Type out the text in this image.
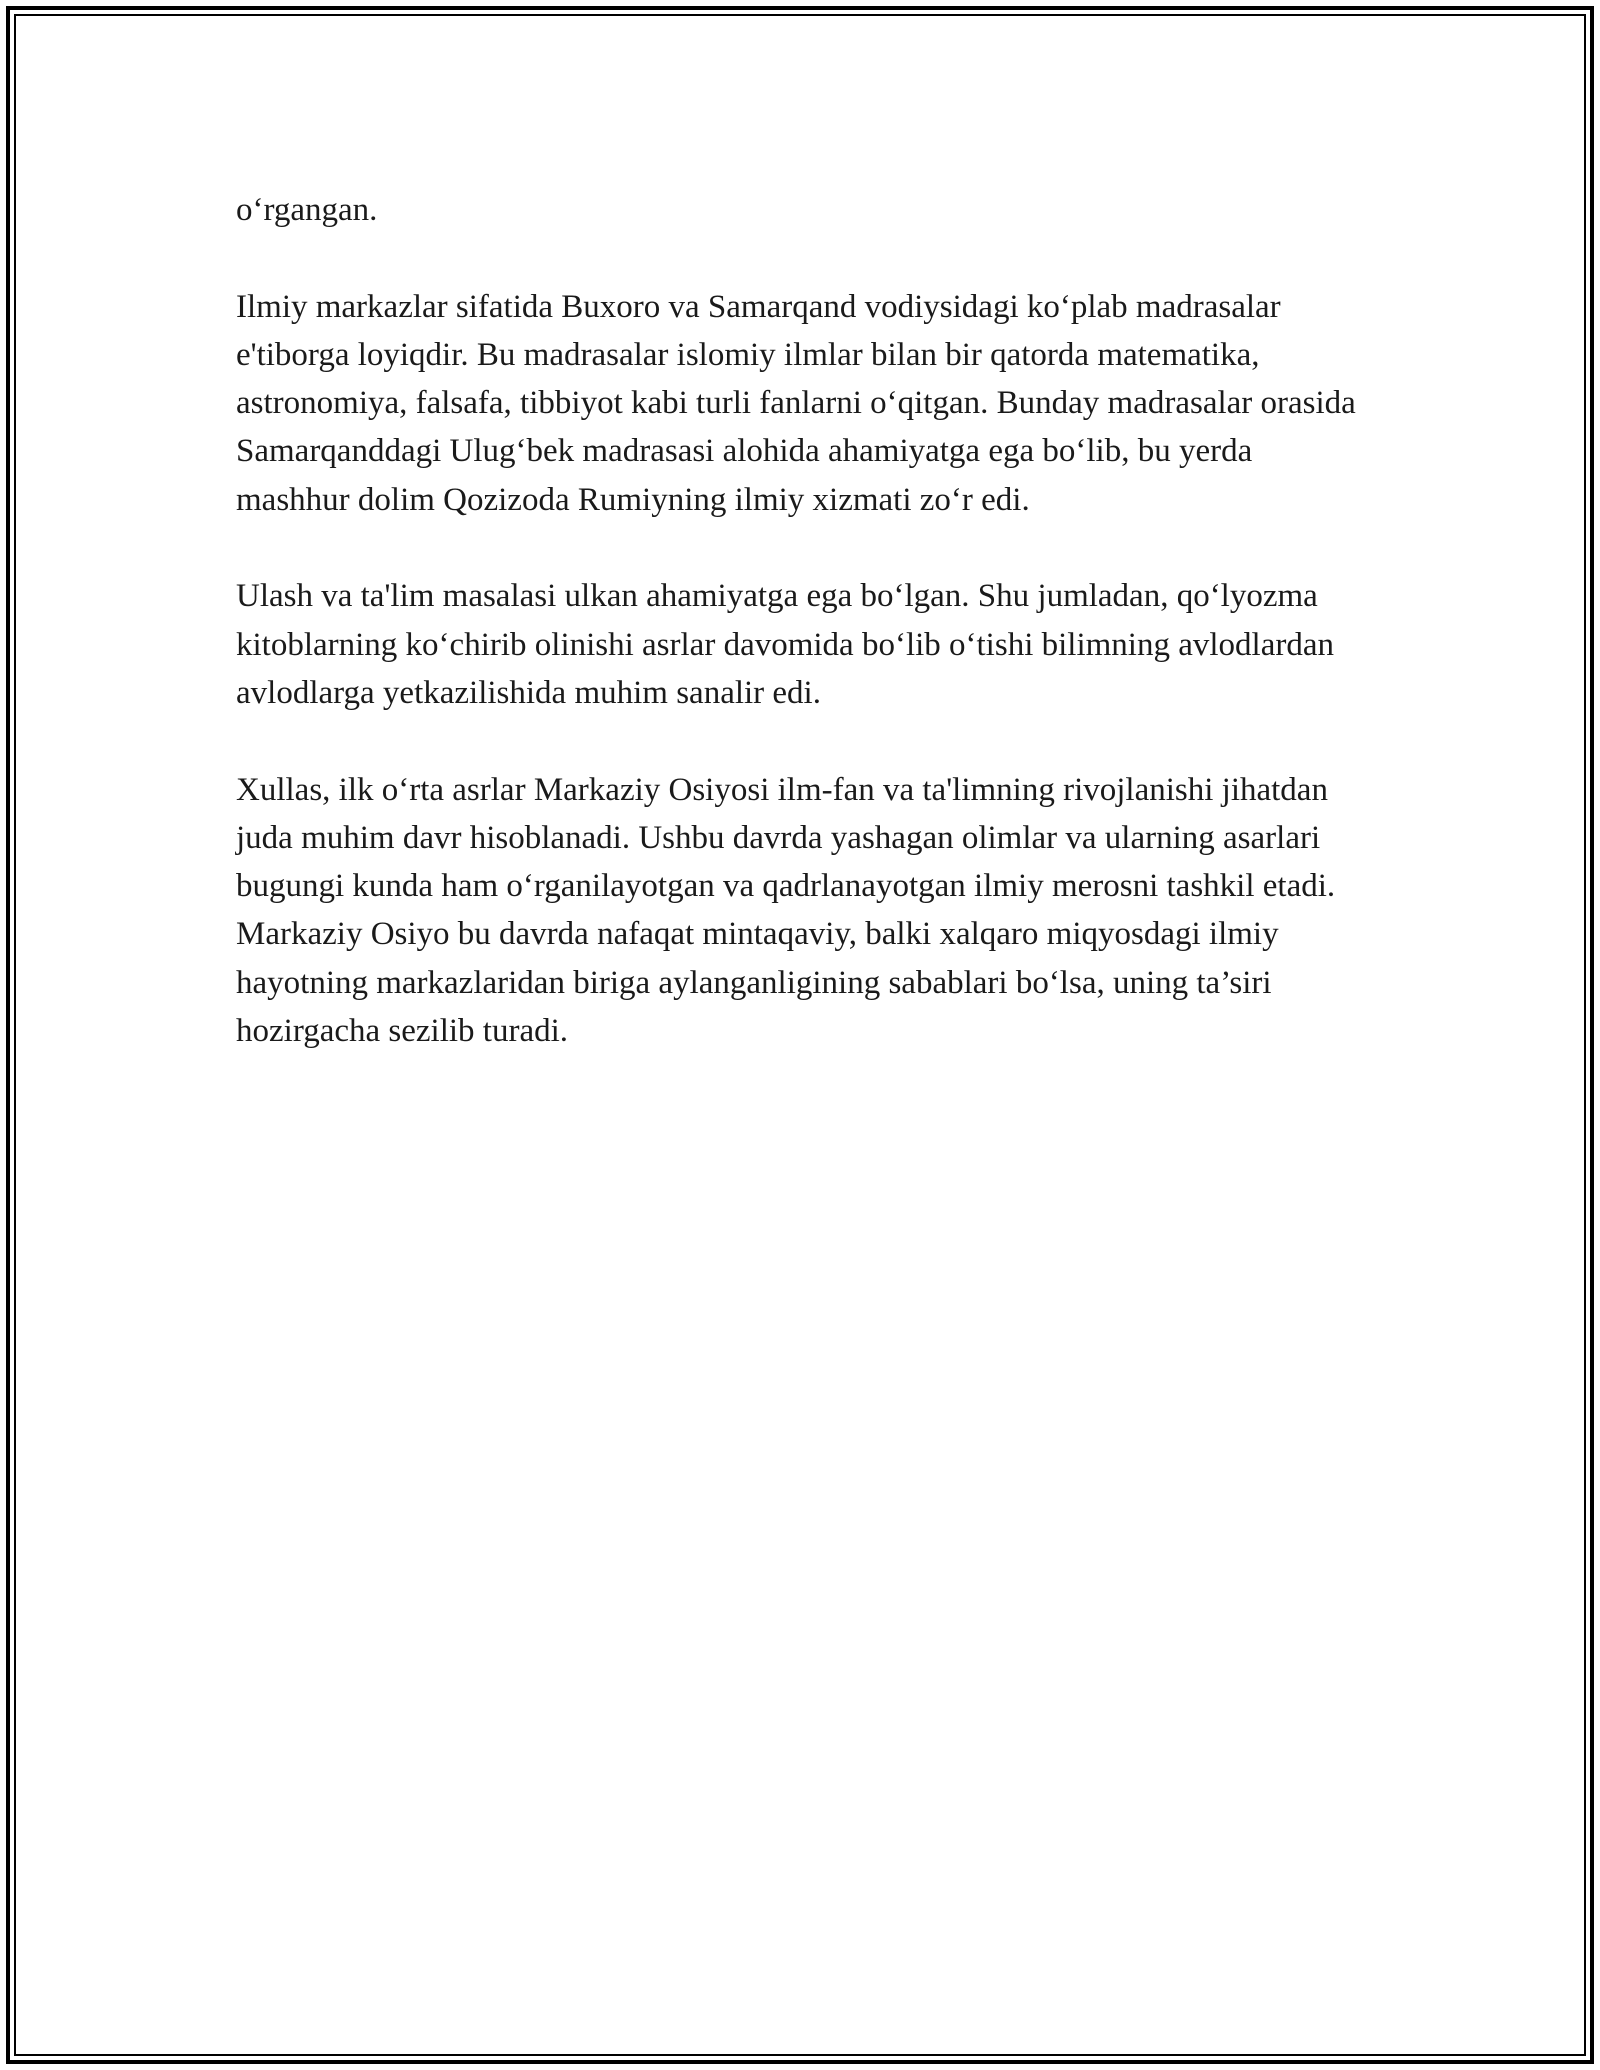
o‘rgangan.

Ilmiy markazlar sifatida Buxoro va Samarqand vodiysidagi ko‘plab madrasalar e'tiborga loyiqdir. Bu madrasalar islomiy ilmlar bilan bir qatorda matematika, astronomiya, falsafa, tibbiyot kabi turli fanlarni o‘qitgan. Bunday madrasalar orasida Samarqanddagi Ulug‘bek madrasasi alohida ahamiyatga ega bo‘lib, bu yerda mashhur dolim Qozizoda Rumiyning ilmiy xizmati zo‘r edi.

Ulash va ta'lim masalasi ulkan ahamiyatga ega bo‘lgan. Shu jumladan, qo‘lyozma kitoblarning ko‘chirib olinishi asrlar davomida bo‘lib o‘tishi bilimning avlodlardan avlodlarga yetkazilishida muhim sanalir edi.

Xullas, ilk o‘rta asrlar Markaziy Osiyosi ilm-fan va ta'limning rivojlanishi jihatdan juda muhim davr hisoblanadi. Ushbu davrda yashagan olimlar va ularning asarlari bugungi kunda ham o‘rganilayotgan va qadrlanayotgan ilmiy merosni tashkil etadi. Markaziy Osiyo bu davrda nafaqat mintaqaviy, balki xalqaro miqyosdagi ilmiy hayotning markazlaridan biriga aylanganligining sabablari bo‘lsa, uning ta’siri hozirgacha sezilib turadi.
